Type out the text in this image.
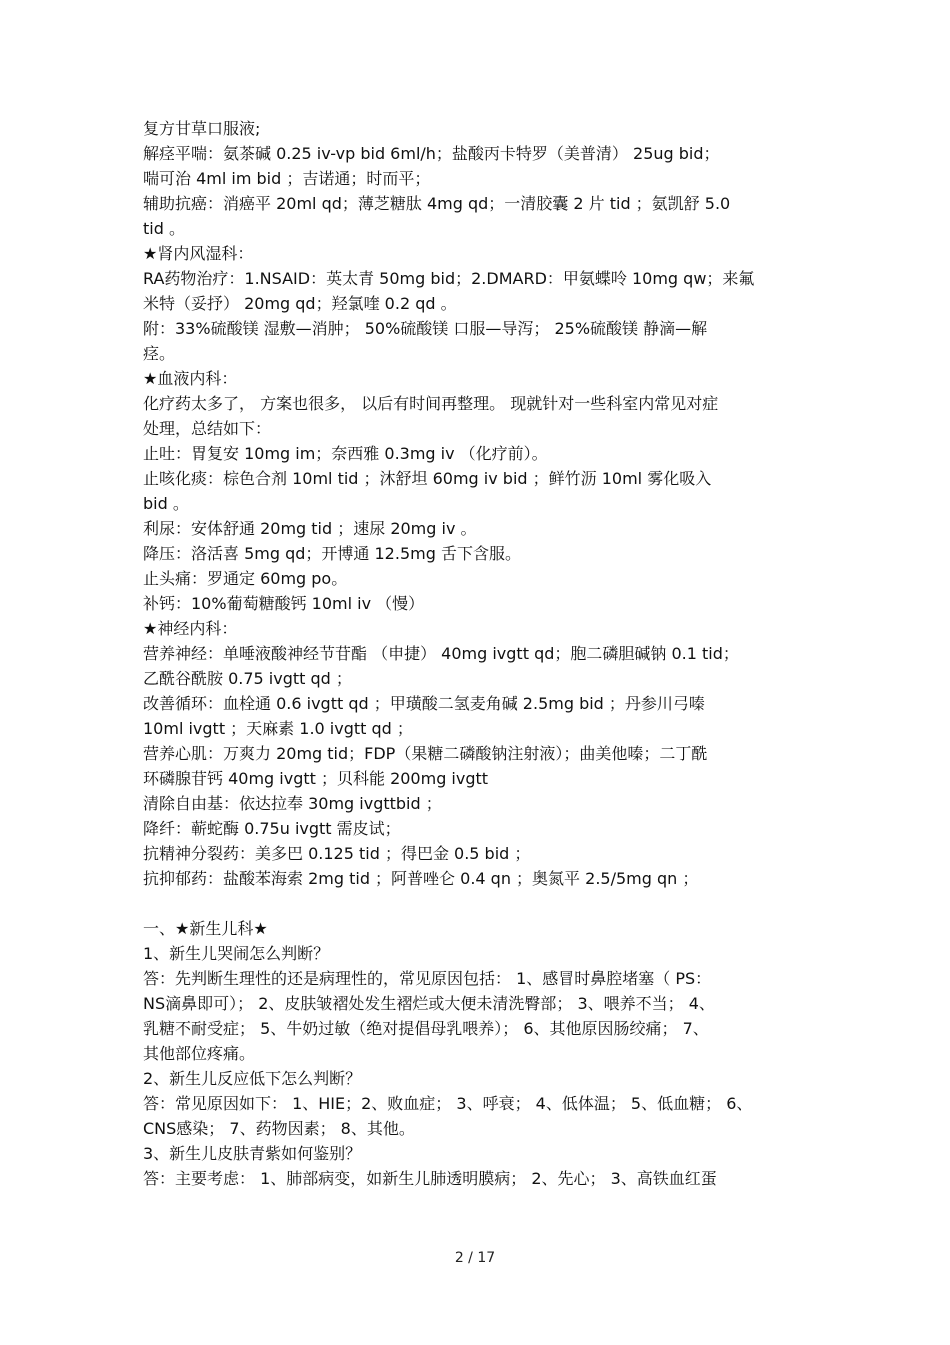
复方甘草口服液;
解痉平喘：氨茶碱 0.25 iv-vp bid 6ml/h；盐酸丙卡特罗（美普清） 25ug bid；
喘可治 4ml im bid ；吉诺通；时而平；
辅助抗癌：消癌平 20ml qd；薄芝糖肽 4mg qd；一清胶囊 2 片 tid ；氨凯舒 5.0
tid 。
★肾内风湿科：
RA药物治疗：1.NSAID：英太青 50mg bid；2.DMARD：甲氨蝶呤 10mg qw；来氟
米特（妥抒） 20mg qd；羟氯喹 0.2 qd 。
附：33%硫酸镁 湿敷—消肿； 50%硫酸镁 口服—导泻； 25%硫酸镁 静滴—解
痉。
★血液内科：
化疗药太多了， 方案也很多， 以后有时间再整理。 现就针对一些科室内常见对症
处理，总结如下：
止吐：胃复安 10mg im；奈西雅 0.3mg iv （化疗前）。
止咳化痰：棕色合剂 10ml tid ；沐舒坦 60mg iv bid ；鲜竹沥 10ml 雾化吸入
bid 。
利尿：安体舒通 20mg tid ；速尿 20mg iv 。
降压：洛活喜 5mg qd；开博通 12.5mg 舌下含服。
止头痛：罗通定 60mg po。
补钙：10%葡萄糖酸钙 10ml iv （慢）
★神经内科：
营养神经：单唾液酸神经节苷酯 （申捷） 40mg ivgtt qd；胞二磷胆碱钠 0.1 tid；
乙酰谷酰胺 0.75 ivgtt qd ；
改善循环：血栓通 0.6 ivgtt qd ；甲璜酸二氢麦角碱 2.5mg bid ；丹参川弓嗪
10ml ivgtt ；天麻素 1.0 ivgtt qd ；
营养心肌：万爽力 20mg tid；FDP（果糖二磷酸钠注射液）；曲美他嗪；二丁酰
环磷腺苷钙 40mg ivgtt ；贝科能 200mg ivgtt
清除自由基：依达拉奉 30mg ivgttbid ；
降纤：蕲蛇酶 0.75u ivgtt 需皮试；
抗精神分裂药：美多巴 0.125 tid ；得巴金 0.5 bid ；
抗抑郁药：盐酸苯海索 2mg tid ；阿普唑仑 0.4 qn ；奥氮平 2.5/5mg qn ；
一、★新生儿科★
1、新生儿哭闹怎么判断？
答：先判断生理性的还是病理性的，常见原因包括： 1、感冒时鼻腔堵塞（ PS：
NS滴鼻即可）； 2、皮肤皱褶处发生褶烂或大便未清洗臀部； 3、喂养不当； 4、
乳糖不耐受症； 5、牛奶过敏（绝对提倡母乳喂养）； 6、其他原因肠绞痛； 7、
其他部位疼痛。
2、新生儿反应低下怎么判断？
答：常见原因如下： 1、HIE；2、败血症； 3、呼衰； 4、低体温； 5、低血糖； 6、
CNS感染； 7、药物因素； 8、其他。
3、新生儿皮肤青紫如何鉴别？
答：主要考虑： 1、肺部病变，如新生儿肺透明膜病； 2、先心； 3、高铁血红蛋
2 / 17
